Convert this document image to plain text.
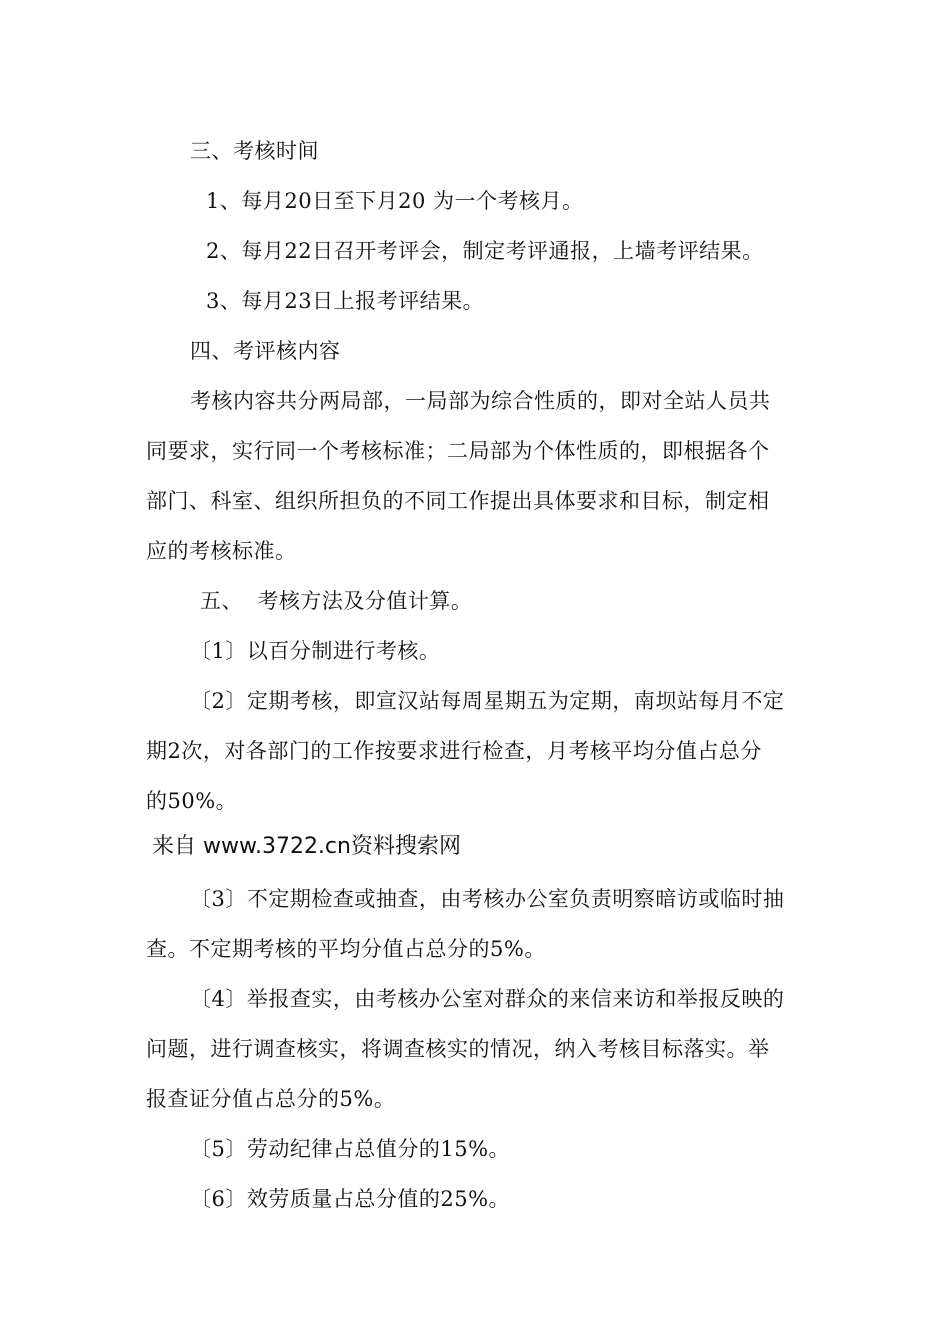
三、考核时间
1、每月20日至下月20 为一个考核月。
2、每月22日召开考评会，制定考评通报，上墙考评结果。
3、每月23日上报考评结果。
四、考评核内容
考核内容共分两局部，一局部为综合性质的，即对全站人员共
同要求，实行同一个考核标准；二局部为个体性质的，即根据各个
部门、科室、组织所担负的不同工作提出具体要求和目标，制定相
应的考核标准。
五、  考核方法及分值计算。
〔1〕以百分制进行考核。
〔2〕定期考核，即宣汉站每周星期五为定期，南坝站每月不定
期2次，对各部门的工作按要求进行检查，月考核平均分值占总分
的50%。
来自 www.3722.cn资料搜索网
〔3〕不定期检查或抽查，由考核办公室负责明察暗访或临时抽
查。不定期考核的平均分值占总分的5%。
〔4〕举报查实，由考核办公室对群众的来信来访和举报反映的
问题，进行调查核实，将调查核实的情况，纳入考核目标落实。举
报查证分值占总分的5%。
〔5〕劳动纪律占总值分的15%。
〔6〕效劳质量占总分值的25%。
